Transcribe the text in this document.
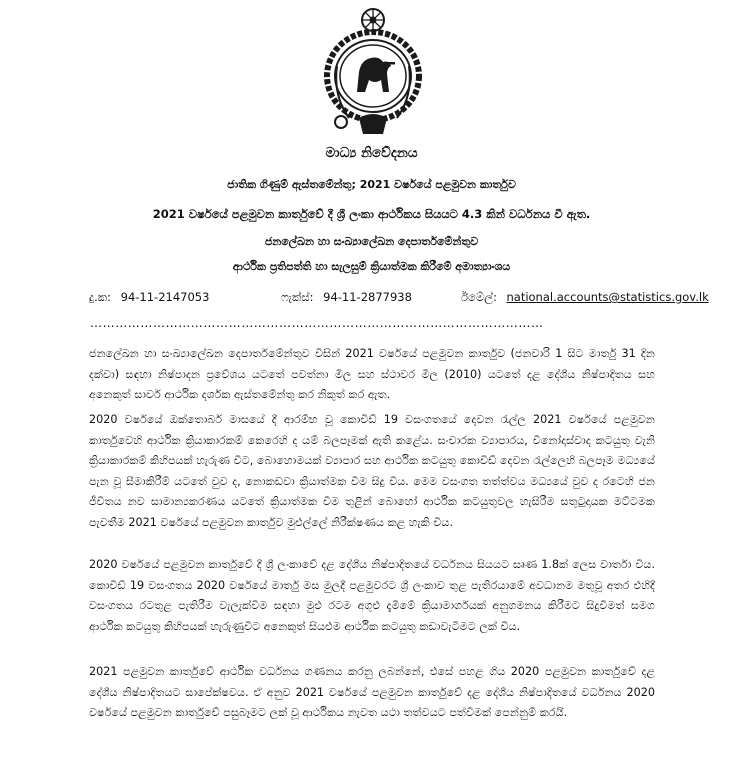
මාධ්‍ය නිවේදනය
ජාතික ගිණුම් ඇස්තමේන්තු; 2021 වර්ෂයේ පළමුවන කාර්තුව
2021 වර්ෂයේ පළමුවන කාර්තුවේ දී ශ්‍රී ලංකා ආර්ථිකය සියයට 4.3 කින් වර්ධනය වී ඇත.
ජනලේඛන හා සංඛ්‍යාලේඛන දෙපාර්තමේන්තුව
ආර්ථික ප්‍රතිපත්ති හා සැලසුම් ක්‍රියාත්මක කිරීමේ අමාත්‍යාංශය
දු.ක: 94-11-2147053	ෆැක්ස්: 94-11-2877938	ඊමේල්: national.accounts@statistics.gov.lk
………………………………………………………………………………………………

ජනලේඛන හා සංඛ්‍යාලේඛන දෙපාර්තමේන්තුව විසින් 2021 වර්ෂයේ පළමුවන කාර්තුව (ජනවාරි 1 සිට මාර්තු 31 දින දක්වා) සඳහා නිෂ්පාදන ප්‍රවේශය යටතේ පවත්නා මිල සහ ස්ථාවර මිල (2010) යටතේ දළ දේශීය නිෂ්පාදිතය සහ අනෙකුත් සාර්ව ආර්ථික දර්ශක ඇස්තමේන්තු කර නිකුත් කර ඇත.

2020 වර්ෂයේ ඔක්තොබර් මාසයේ දී ආරම්භ වූ කොවිඩ් 19 වසංගතයේ දෙවන රැල්ල 2021 වර්ෂයේ පළමුවන කාර්තුවෙහි ආර්ථික ක්‍රියාකාරකම් කෙරෙහි ද යම් බලපෑමක් ඇති කළේය. සංචාරක ව්‍යාපාරය, විනෝදාස්වාද කටයුතු වැනි ක්‍රියාකාරකම් කිහිපයක් හැරුණ විට, බොහොමයක් ව්‍යාපාර සහ ආර්ථික කටයුතු කොවිඩ් දෙවන රැල්ලෙහි බලපෑම මධ්‍යයේ පැන වූ සීමාකිරීම් යටතේ වුව ද, නොකඩවා ක්‍රියාත්මක වීම සිදු විය. මෙම වසංගත තත්ත්වය මධ්‍යයේ වුව ද රටෙහි ජන ජීවිතය නව සාමාන්‍යකරණය යටතේ ක්‍රියාත්මක වීම තුළින් බොහෝ ආර්ථික කටයුතුවල හැසිරීම සතුටුදායක මට්ටමක පැවතීම 2021 වර්ෂයේ පළමුවන කාර්තුව මුළුල්ලේ නිරීක්ෂණය කළ හැකි විය.

2020 වර්ෂයේ පළමුවන කාර්තුවේ දී ශ්‍රී ලංකාවේ දළ දේශීය නිෂ්පාදිතයේ වර්ධනය සියයට සෘණ 1.8ක් ලෙස වාර්තා විය. කොවිඩ් 19 වසංගතය 2020 වර්ෂයේ මාර්තු මස මුලදී පළමුවරට ශ්‍රී ලංකාව තුළ පැතිරයාමේ අවධානම මතුවූ අතර එහිදී වසංගතය රටතුළ පැතිරීම වැලැක්වීම සඳහා මුළු රටම අගුළු දැමීමේ ක්‍රියාමාර්ගයක් අනුගමනය කිරීමට සිදුවීමත් සමග ආර්ථික කටයුතු කිහිපයක් හැරුණුවිට අනෙකුත් සියළුම ආර්ථික කටයුතු කඩාවැටීමට ලක් විය.

2021 පළමුවන කාර්තුවේ ආර්ථික වර්ධනය ගණනය කරනු ලබන්නේ, එසේ පහළ ගිය 2020 පළමුවන කාර්තුවේ දළ දේශීය නිෂ්පාදිතයට සාපේක්ෂවය. ඒ අනුව 2021 වර්ෂයේ පළමුවන කාර්තුවේ දළ දේශීය නිෂ්පාදිතයේ වර්ධනය 2020 වර්ෂයේ පළමුවන කාර්තුවේ පසුබෑමට ලක් වූ ආර්ථිකය නැවත යථා තත්වයට පත්වීමක් පෙන්නුම් කරයි.
